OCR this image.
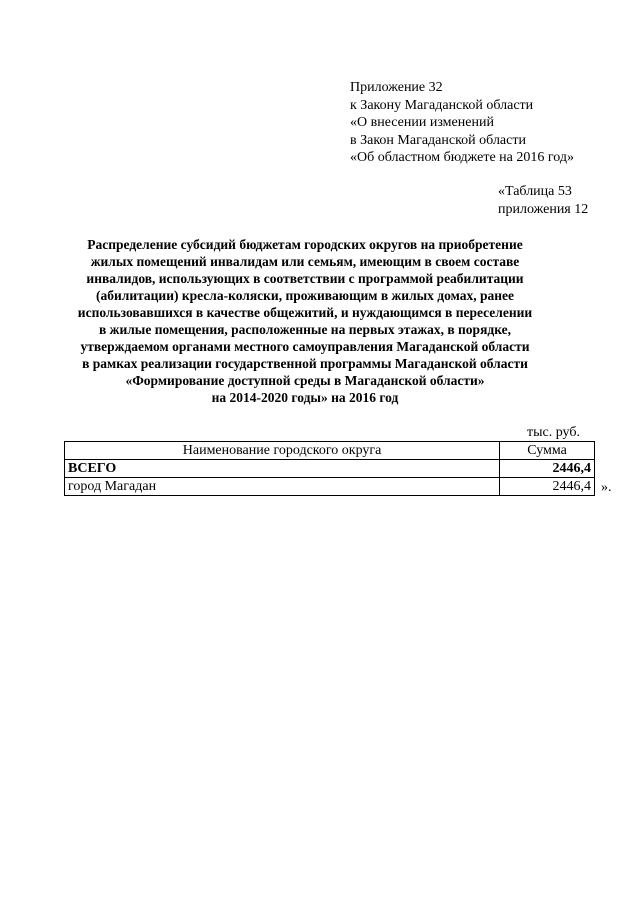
Приложение 32
к Закону Магаданской области
«О внесении изменений
в Закон Магаданской области
«Об областном бюджете на 2016 год»
«Таблица 53
приложения 12
Распределение субсидий бюджетам городских округов на приобретение
жилых помещений инвалидам или семьям, имеющим в своем составе
инвалидов, использующих в соответствии с программой реабилитации
(абилитации) кресла-коляски, проживающим в жилых домах, ранее
использовавшихся в качестве общежитий, и нуждающимся в переселении
в жилые помещения, расположенные на первых этажах, в порядке,
утверждаемом органами местного самоуправления Магаданской области
в рамках реализации государственной программы Магаданской области
«Формирование доступной среды в Магаданской области»
на 2014-2020 годы» на 2016 год
тыс. руб.
Наименование городского округа	Сумма
ВСЕГО	2446,4
город Магадан	2446,4 ».
